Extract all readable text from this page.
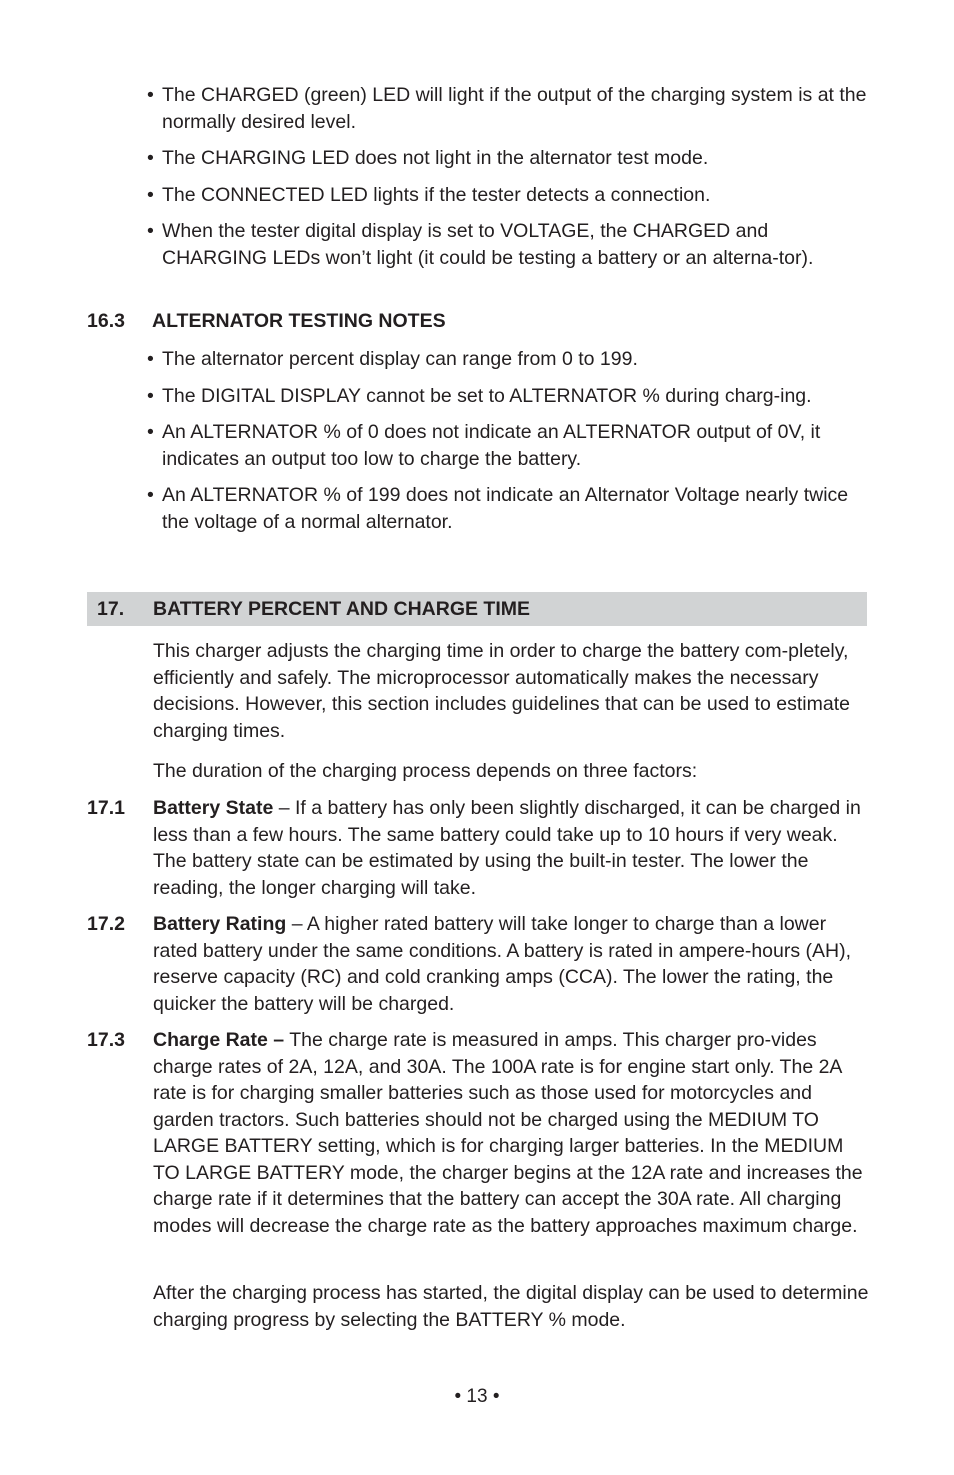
• The CHARGED (green) LED will light if the output of the charging system is at the normally desired level.
• The CHARGING LED does not light in the alternator test mode.
• The CONNECTED LED lights if the tester detects a connection.
• When the tester digital display is set to VOLTAGE, the CHARGED and CHARGING LEDs won’t light (it could be testing a battery or an alterna-tor).
16.3 ALTERNATOR TESTING NOTES
• The alternator percent display can range from 0 to 199.
• The DIGITAL DISPLAY cannot be set to ALTERNATOR % during charg-ing.
• An ALTERNATOR % of 0 does not indicate an ALTERNATOR output of 0V, it indicates an output too low to charge the battery.
• An ALTERNATOR % of 199 does not indicate an Alternator Voltage nearly twice the voltage of a normal alternator.
17. BATTERY PERCENT AND CHARGE TIME

This charger adjusts the charging time in order to charge the battery com-pletely, efficiently and safely. The microprocessor automatically makes the necessary decisions. However, this section includes guidelines that can be used to estimate charging times.

The duration of the charging process depends on three factors:

17.1 Battery State – If a battery has only been slightly discharged, it can be charged in less than a few hours. The same battery could take up to 10 hours if very weak. The battery state can be estimated by using the built-in tester. The lower the reading, the longer charging will take.
17.2 Battery Rating – A higher rated battery will take longer to charge than a lower rated battery under the same conditions. A battery is rated in ampere-hours (AH), reserve capacity (RC) and cold cranking amps (CCA). The lower the rating, the quicker the battery will be charged.
17.3 Charge Rate – The charge rate is measured in amps. This charger pro-vides charge rates of 2A, 12A, and 30A. The 100A rate is for engine start only. The 2A rate is for charging smaller batteries such as those used for motorcycles and garden tractors. Such batteries should not be charged using the MEDIUM TO LARGE BATTERY setting, which is for charging larger batteries. In the MEDIUM TO LARGE BATTERY mode, the charger begins at the 12A rate and increases the charge rate if it determines that the battery can accept the 30A rate. All charging modes will decrease the charge rate as the battery approaches maximum charge.

After the charging process has started, the digital display can be used to determine charging progress by selecting the BATTERY % mode.

• 13 •
